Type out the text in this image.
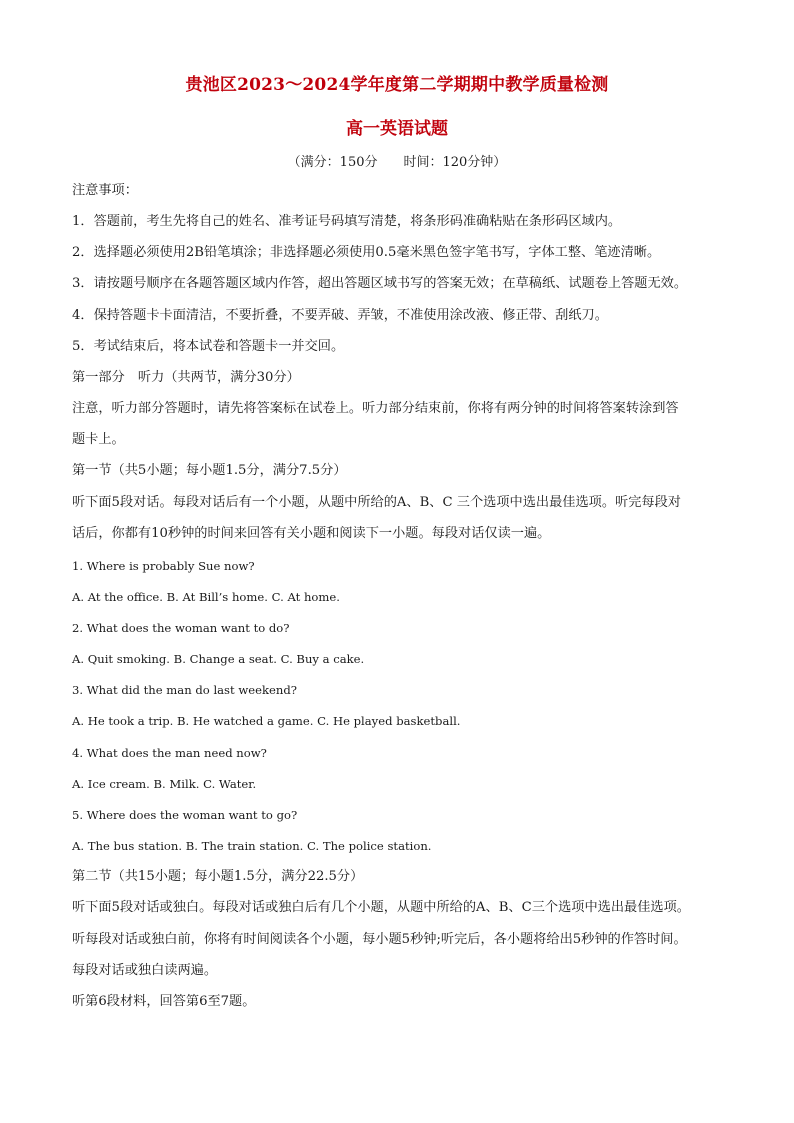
贵池区2023～2024学年度第二学期期中教学质量检测
高一英语试题
（满分：150分　　时间：120分钟）
注意事项：
1．答题前，考生先将自己的姓名、准考证号码填写清楚，将条形码准确粘贴在条形码区域内。
2．选择题必须使用2B铅笔填涂；非选择题必须使用0.5毫米黑色签字笔书写，字体工整、笔迹清晰。
3．请按题号顺序在各题答题区域内作答，超出答题区域书写的答案无效；在草稿纸、试题卷上答题无效。
4．保持答题卡卡面清洁，不要折叠，不要弄破、弄皱，不准使用涂改液、修正带、刮纸刀。
5．考试结束后，将本试卷和答题卡一并交回。
第一部分　听力（共两节，满分30分）
注意，听力部分答题时，请先将答案标在试卷上。听力部分结束前，你将有两分钟的时间将答案转涂到答
题卡上。
第一节（共5小题；每小题1.5分，满分7.5分）
听下面5段对话。每段对话后有一个小题，从题中所给的A、B、C 三个选项中选出最佳选项。听完每段对
话后，你都有10秒钟的时间来回答有关小题和阅读下一小题。每段对话仅读一遍。
1. Where is probably Sue now?
A. At the office. B. At Bill’s home. C. At home.
2. What does the woman want to do?
A. Quit smoking. B. Change a seat. C. Buy a cake.
3. What did the man do last weekend?
A. He took a trip. B. He watched a game. C. He played basketball.
4. What does the man need now?
A. Ice cream. B. Milk. C. Water.
5. Where does the woman want to go?
A. The bus station. B. The train station. C. The police station.
第二节（共15小题；每小题1.5分，满分22.5分）
听下面5段对话或独白。每段对话或独白后有几个小题，从题中所给的A、B、C三个选项中选出最佳选项。
听每段对话或独白前，你将有时间阅读各个小题，每小题5秒钟;听完后，各小题将给出5秒钟的作答时间。
每段对话或独白读两遍。
听第6段材料，回答第6至7题。
